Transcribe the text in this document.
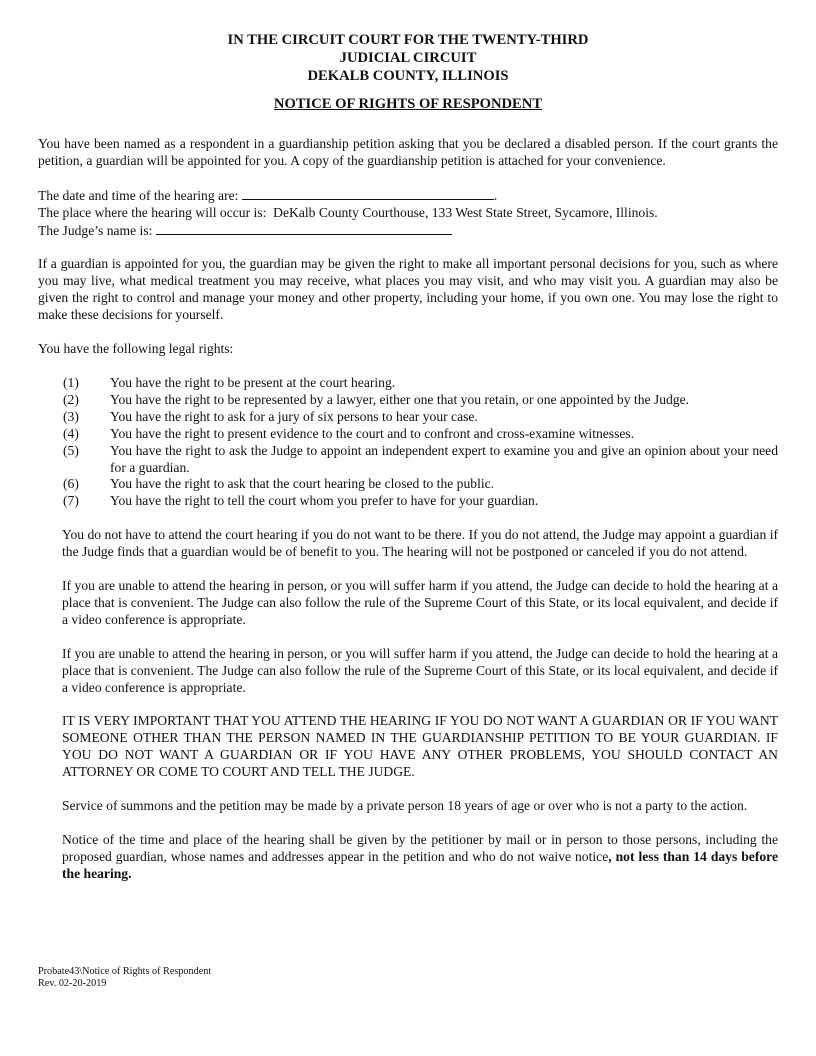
IN THE CIRCUIT COURT FOR THE TWENTY-THIRD
JUDICIAL CIRCUIT
DEKALB COUNTY, ILLINOIS
NOTICE OF RIGHTS OF RESPONDENT

You have been named as a respondent in a guardianship petition asking that you be declared a disabled person. If the court grants the petition, a guardian will be appointed for you. A copy of the guardianship petition is attached for your convenience.

The date and time of the hearing are:	.
The place where the hearing will occur is: DeKalb County Courthouse, 133 West State Street, Sycamore, Illinois.
The Judge’s name is:

If a guardian is appointed for you, the guardian may be given the right to make all important personal decisions for you, such as where you may live, what medical treatment you may receive, what places you may visit, and who may visit you. A guardian may also be given the right to control and manage your money and other property, including your home, if you own one. You may lose the right to make these decisions for yourself.

You have the following legal rights:

(1)	You have the right to be present at the court hearing.
(2)	You have the right to be represented by a lawyer, either one that you retain, or one appointed by the Judge.
(3)	You have the right to ask for a jury of six persons to hear your case.
(4)	You have the right to present evidence to the court and to confront and cross-examine witnesses.
(5)	You have the right to ask the Judge to appoint an independent expert to examine you and give an opinion about your need for a guardian.
(6)	You have the right to ask that the court hearing be closed to the public.
(7)	You have the right to tell the court whom you prefer to have for your guardian.

You do not have to attend the court hearing if you do not want to be there. If you do not attend, the Judge may appoint a guardian if the Judge finds that a guardian would be of benefit to you. The hearing will not be postponed or canceled if you do not attend.

If you are unable to attend the hearing in person, or you will suffer harm if you attend, the Judge can decide to hold the hearing at a place that is convenient. The Judge can also follow the rule of the Supreme Court of this State, or its local equivalent, and decide if a video conference is appropriate.

If you are unable to attend the hearing in person, or you will suffer harm if you attend, the Judge can decide to hold the hearing at a place that is convenient. The Judge can also follow the rule of the Supreme Court of this State, or its local equivalent, and decide if a video conference is appropriate.

IT IS VERY IMPORTANT THAT YOU ATTEND THE HEARING IF YOU DO NOT WANT A GUARDIAN OR IF YOU WANT SOMEONE OTHER THAN THE PERSON NAMED IN THE GUARDIANSHIP PETITION TO BE YOUR GUARDIAN. IF YOU DO NOT WANT A GUARDIAN OR IF YOU HAVE ANY OTHER PROBLEMS, YOU SHOULD CONTACT AN ATTORNEY OR COME TO COURT AND TELL THE JUDGE.

Service of summons and the petition may be made by a private person 18 years of age or over who is not a party to the action.

Notice of the time and place of the hearing shall be given by the petitioner by mail or in person to those persons, including the proposed guardian, whose names and addresses appear in the petition and who do not waive notice, not less than 14 days before the hearing.

Probate43\Notice of Rights of Respondent
Rev. 02-20-2019
